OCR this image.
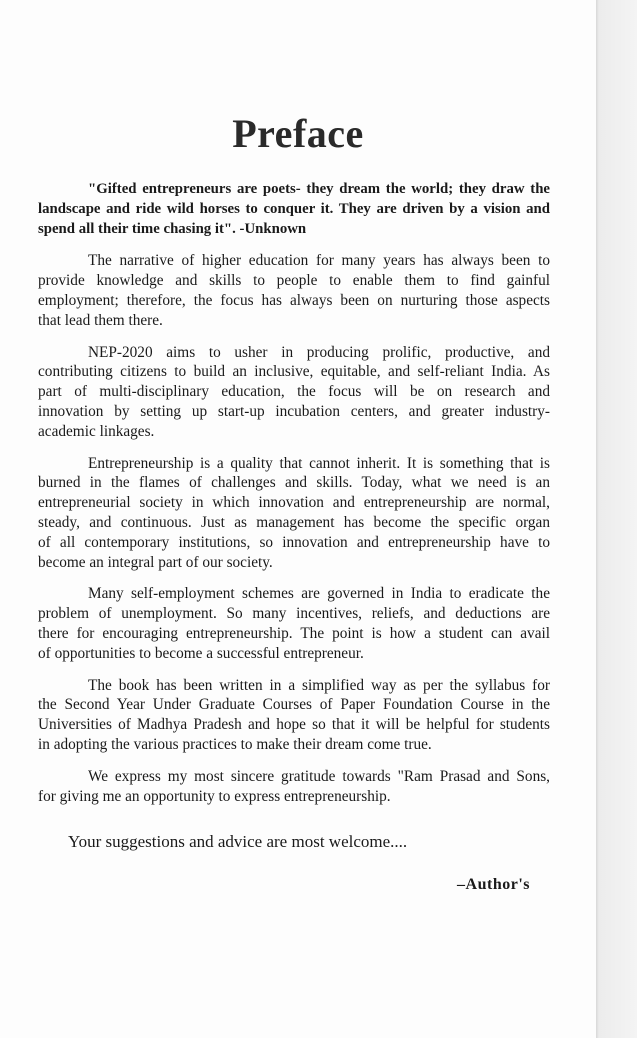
Preface
"Gifted entrepreneurs are poets- they dream the world; they draw the
landscape and ride wild horses to conquer it. They are driven by a vision and
spend all their time chasing it". -Unknown
The narrative of higher education for many years has always been to
provide knowledge and skills to people to enable them to find gainful
employment; therefore, the focus has always been on nurturing those aspects
that lead them there.
NEP-2020 aims to usher in producing prolific, productive, and
contributing citizens to build an inclusive, equitable, and self-reliant India. As
part of multi-disciplinary education, the focus will be on research and
innovation by setting up start-up incubation centers, and greater industry-
academic linkages.
Entrepreneurship is a quality that cannot inherit. It is something that is
burned in the flames of challenges and skills. Today, what we need is an
entrepreneurial society in which innovation and entrepreneurship are normal,
steady, and continuous. Just as management has become the specific organ
of all contemporary institutions, so innovation and entrepreneurship have to
become an integral part of our society.
Many self-employment schemes are governed in India to eradicate the
problem of unemployment. So many incentives, reliefs, and deductions are
there for encouraging entrepreneurship. The point is how a student can avail
of opportunities to become a successful entrepreneur.
The book has been written in a simplified way as per the syllabus for
the Second Year Under Graduate Courses of Paper Foundation Course in the
Universities of Madhya Pradesh and hope so that it will be helpful for students
in adopting the various practices to make their dream come true.
We express my most sincere gratitude towards "Ram Prasad and Sons,
for giving me an opportunity to express entrepreneurship.
Your suggestions and advice are most welcome....
–Author's
